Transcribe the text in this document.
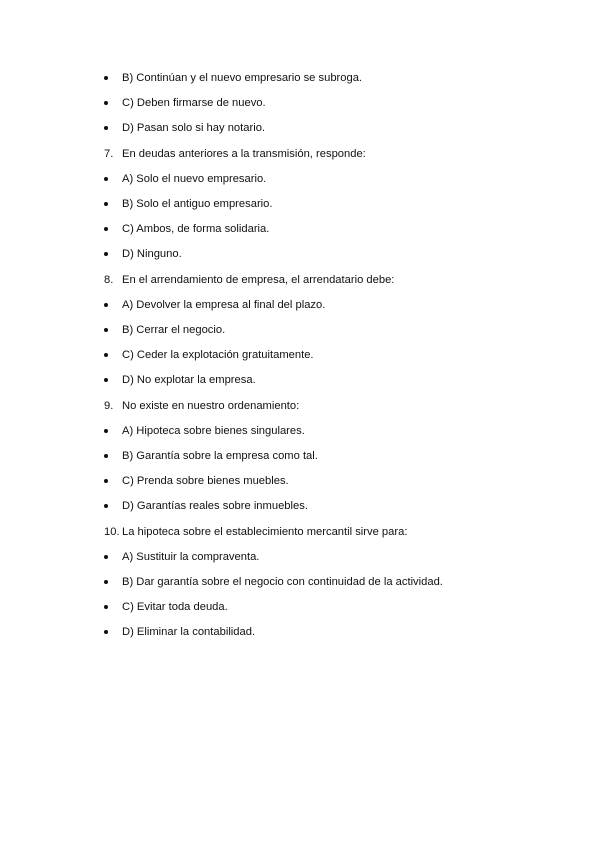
B) Continúan y el nuevo empresario se subroga.
C) Deben firmarse de nuevo.
D) Pasan solo si hay notario.
7. En deudas anteriores a la transmisión, responde:
A) Solo el nuevo empresario.
B) Solo el antiguo empresario.
C) Ambos, de forma solidaria.
D) Ninguno.
8. En el arrendamiento de empresa, el arrendatario debe:
A) Devolver la empresa al final del plazo.
B) Cerrar el negocio.
C) Ceder la explotación gratuitamente.
D) No explotar la empresa.
9. No existe en nuestro ordenamiento:
A) Hipoteca sobre bienes singulares.
B) Garantía sobre la empresa como tal.
C) Prenda sobre bienes muebles.
D) Garantías reales sobre inmuebles.
10. La hipoteca sobre el establecimiento mercantil sirve para:
A) Sustituir la compraventa.
B) Dar garantía sobre el negocio con continuidad de la actividad.
C) Evitar toda deuda.
D) Eliminar la contabilidad.
